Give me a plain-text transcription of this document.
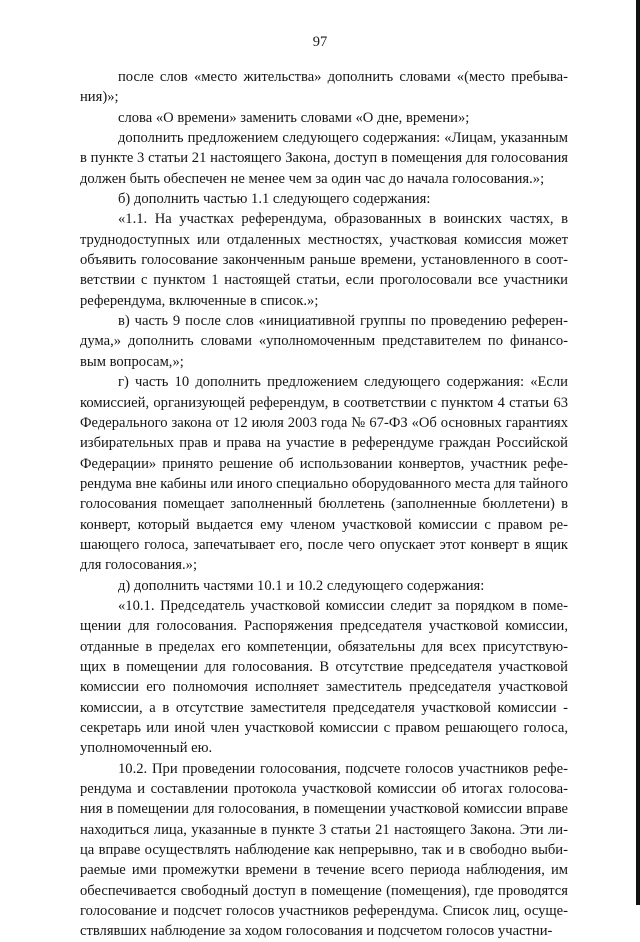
97

после слов «место жительства» дополнить словами «(место пребывания)»;

слова «О времени» заменить словами «О дне, времени»;

дополнить предложением следующего содержания: «Лицам, указанным в пункте 3 статьи 21 настоящего Закона, доступ в помещения для голосования должен быть обеспечен не менее чем за один час до начала голосования.»;

б) дополнить частью 1.1 следующего содержания:

«1.1. На участках референдума, образованных в воинских частях, в труднодоступных или отдаленных местностях, участковая комиссия может объявить голосование законченным раньше времени, установленного в соответствии с пунктом 1 настоящей статьи, если проголосовали все участники референдума, включенные в список.»;

в) часть 9 после слов «инициативной группы по проведению референдума,» дополнить словами «уполномоченным представителем по финансовым вопросам,»;

г) часть 10 дополнить предложением следующего содержания: «Если комиссией, организующей референдум, в соответствии с пунктом 4 статьи 63 Федерального закона от 12 июля 2003 года № 67-ФЗ «Об основных гарантиях избирательных прав и права на участие в референдуме граждан Российской Федерации» принято решение об использовании конвертов, участник референдума вне кабины или иного специально оборудованного места для тайного голосования помещает заполненный бюллетень (заполненные бюллетени) в конверт, который выдается ему членом участковой комиссии с правом решающего голоса, запечатывает его, после чего опускает этот конверт в ящик для голосования.»;

д) дополнить частями 10.1 и 10.2 следующего содержания:

«10.1. Председатель участковой комиссии следит за порядком в помещении для голосования. Распоряжения председателя участковой комиссии, отданные в пределах его компетенции, обязательны для всех присутствующих в помещении для голосования. В отсутствие председателя участковой комиссии его полномочия исполняет заместитель председателя участковой комиссии, а в отсутствие заместителя председателя участковой комиссии - секретарь или иной член участковой комиссии с правом решающего голоса, уполномоченный ею.

10.2. При проведении голосования, подсчете голосов участников референдума и составлении протокола участковой комиссии об итогах голосования в помещении для голосования, в помещении участковой комиссии вправе находиться лица, указанные в пункте 3 статьи 21 настоящего Закона. Эти лица вправе осуществлять наблюдение как непрерывно, так и в свободно выбираемые ими промежутки времени в течение всего периода наблюдения, им обеспечивается свободный доступ в помещение (помещения), где проводятся голосование и подсчет голосов участников референдума. Список лиц, осуществлявших наблюдение за ходом голосования и подсчетом голосов участни-
